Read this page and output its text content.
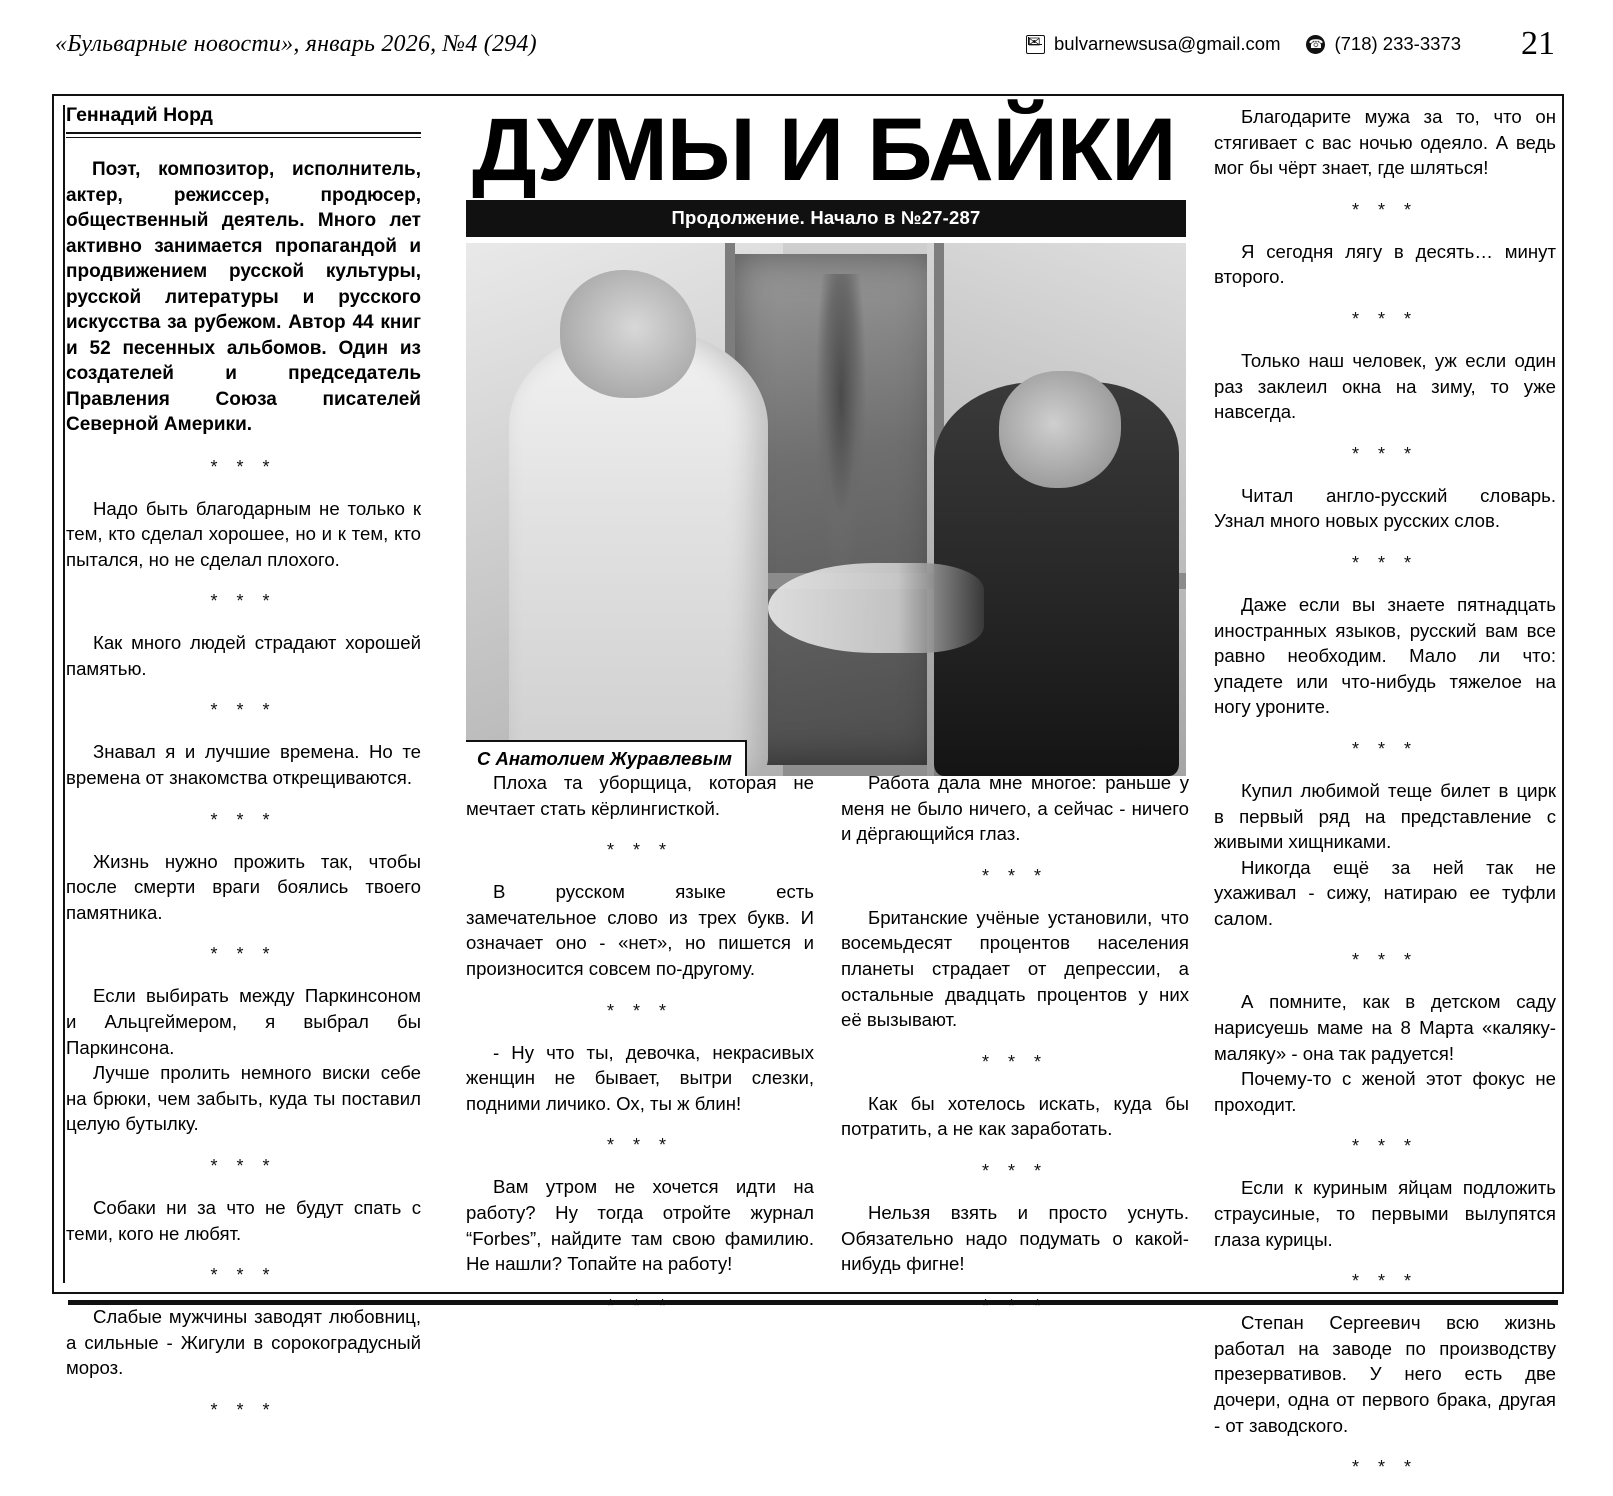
«Бульварные новости», январь 2026, №4 (294) ✉	bulvarnewsusa@gmail.com ☎ (718) 233-3373 21
Геннадий Норд

Поэт, композитор, исполнитель, актер, режиссер, продюсер, общественный деятель. Много лет активно занимается пропагандой и продвижением русской культуры, русской литературы и русского искусства за рубежом. Автор 44 книг и 52 песенных альбомов. Один из создателей и председатель Правления Союза писателей Северной Америки.

* * *

Надо быть благодарным не только к тем, кто сделал хорошее, но и к тем, кто пытался, но не сделал плохого.

* * *

Как много людей страдают хорошей памятью.

* * *

Знавал я и лучшие времена. Но те времена от знакомства открещиваются.

* * *

Жизнь нужно прожить так, чтобы после смерти враги боялись твоего памятника.

* * *

Если выбирать между Паркинсоном и Альцгеймером, я выбрал бы Паркинсона.

Лучше пролить немного виски себе на брюки, чем забыть, куда ты поставил целую бутылку.

* * *

Собаки ни за что не будут спать с теми, кого не любят.

* * *

Слабые мужчины заводят любовниц, а сильные - Жигули в сорокоградусный мороз.

* * *
ДУМЫ И БАЙКИ
Продолжение. Начало в №27-287
С Анатолием Журавлевым

Плоха та уборщица, которая не мечтает стать кёрлингисткой.

* * *

В русском языке есть замечательное слово из трех букв. И означает оно - «нет», но пишется и произносится совсем по-другому.

* * *

- Ну что ты, девочка, некрасивых женщин не бывает, вытри слезки, подними личико. Ох, ты ж блин!

* * *

Вам утром не хочется идти на работу? Ну тогда отройте журнал “Forbes”, найдите там свою фамилию. Не нашли? Топайте на работу!

* * *

Работа дала мне многое: раньше у меня не было ничего, а сейчас - ничего и дёргающийся глаз.

* * *

Британские учёные установили, что восемьдесят процентов населения планеты страдает от депрессии, а остальные двадцать процентов у них её вызывают.

* * *

Как бы хотелось искать, куда бы потратить, а не как заработать.

* * *

Нельзя взять и просто уснуть. Обязательно надо подумать о какой-нибудь фигне!

* * *

Благодарите мужа за то, что он стягивает с вас ночью одеяло. А ведь мог бы чёрт знает, где шляться!

* * *

Я сегодня лягу в десять… минут второго.

* * *

Только наш человек, уж если один раз заклеил окна на зиму, то уже навсегда.

* * *

Читал англо-русский словарь. Узнал много новых русских слов.

* * *

Даже если вы знаете пятнадцать иностранных языков, русский вам все равно необходим. Мало ли что: упадете или что-нибудь тяжелое на ногу уроните.

* * *

Купил любимой теще билет в цирк в первый ряд на представление с живыми хищниками.

Никогда ещё за ней так не ухаживал - сижу, натираю ее туфли салом.

* * *

А помните, как в детском саду нарисуешь маме на 8 Марта «каляку-маляку» - она так радуется!

Почему-то с женой этот фокус не проходит.

* * *

Если к куриным яйцам подложить страусиные, то первыми вылупятся глаза курицы.

* * *

Степан Сергеевич всю жизнь работал на заводе по производству презервативов. У него есть две дочери, одна от первого брака, другая - от заводского.

* * *
